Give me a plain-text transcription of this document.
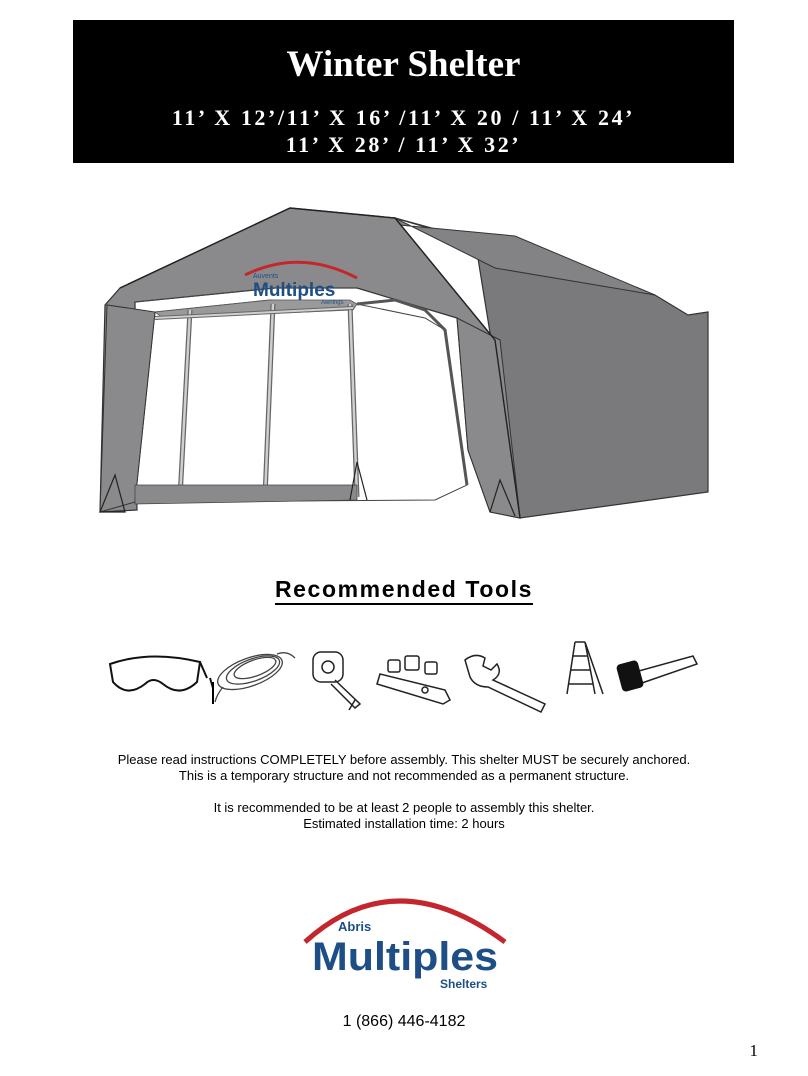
Winter Shelter
11’ X 12’/11’ X 16’ /11’ X 20 / 11’ X 24’
11’ X 28’ / 11’ X 32’
Auvents
Multiples
Awnings
Recommended Tools

Please read instructions COMPLETELY before assembly. This shelter MUST be securely anchored.

This is a temporary structure and not recommended as a permanent structure.

It is recommended to be at least 2 people to assembly this shelter.

Estimated installation time: 2 hours

Abris
Multiples
Shelters
1 (866) 446-4182
1
